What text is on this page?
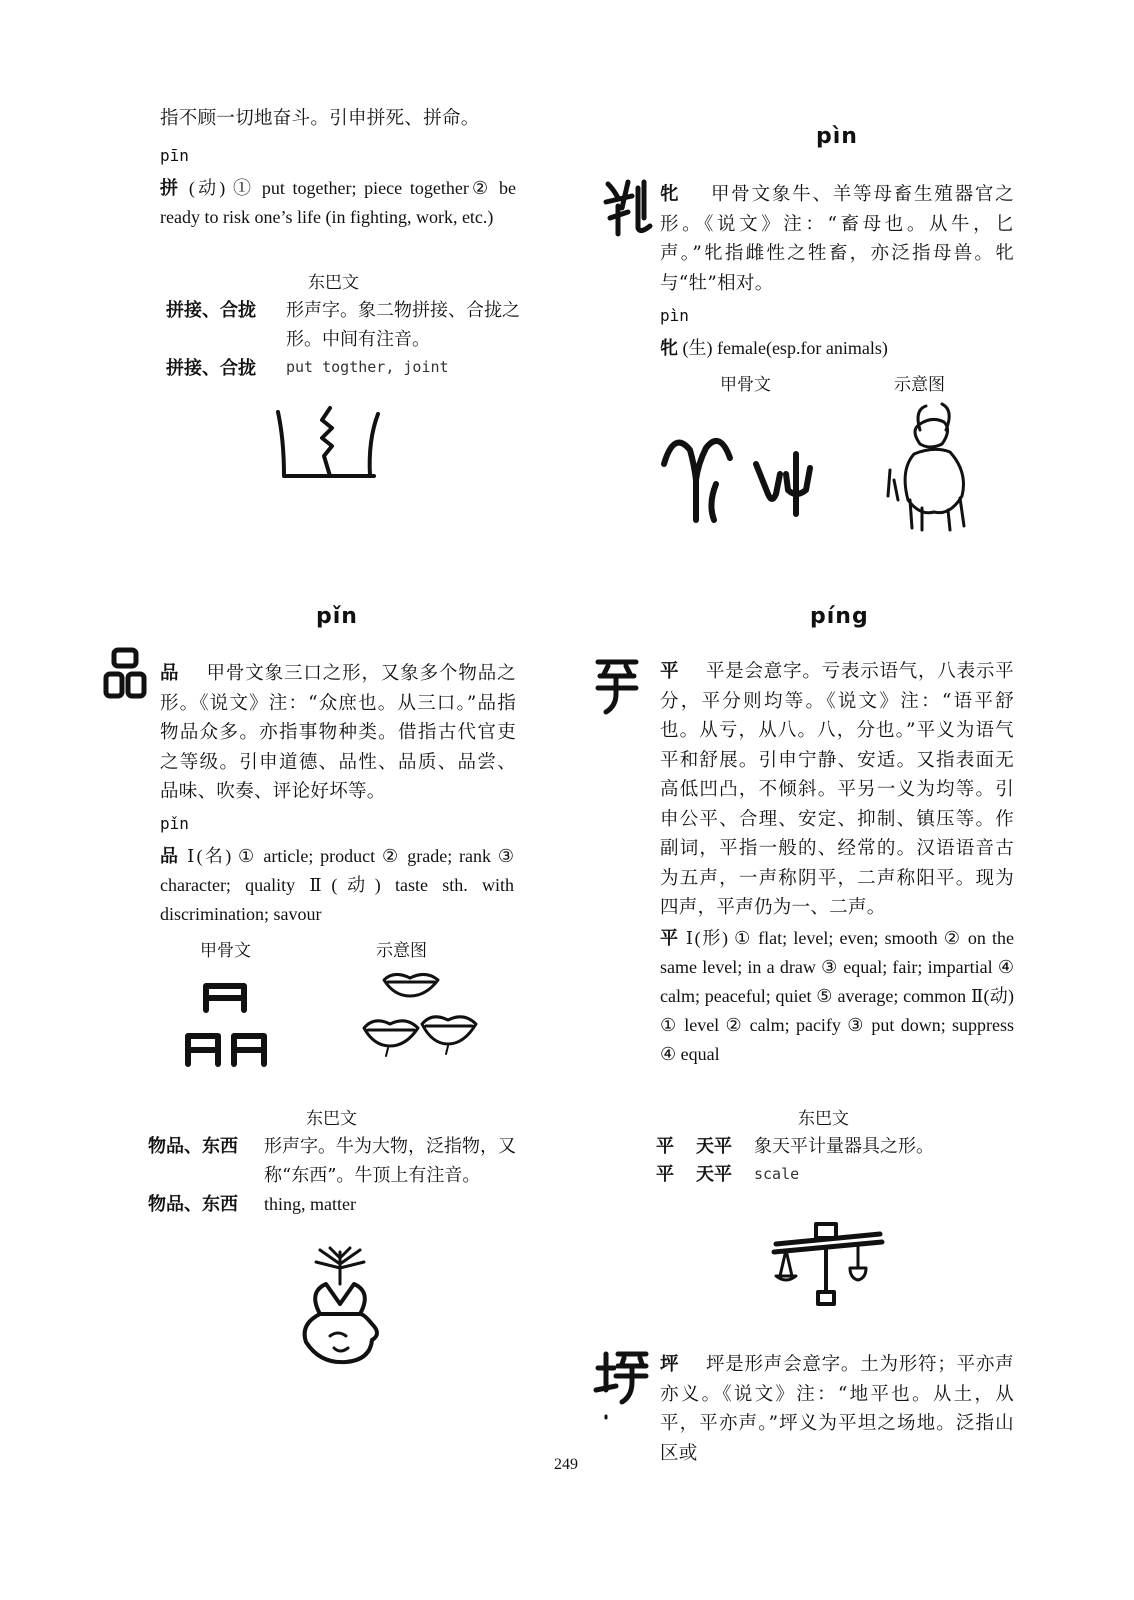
指不顾一切地奋斗。引申拼死、拼命。
pīn
拼 (动) ① put together; piece together② be ready to risk one’s life (in fighting, work, etc.)
东巴文
拼接、合拢 形声字。象二物拼接、合拢之形。中间有注音。
拼接、合拢 put togther, joint
pǐn
品 甲骨文象三口之形，又象多个物品之形。《说文》注：“众庶也。从三口。”品指物品众多。亦指事物种类。借指古代官吏之等级。引申道德、品性、品质、品尝、品味、吹奏、评论好坏等。
pǐn
品 Ⅰ(名) ① article; product ② grade; rank ③ character; quality Ⅱ(动) taste sth. with discrimination; savour
甲骨文	示意图
东巴文
物品、东西 形声字。牛为大物，泛指物，又称“东西”。牛顶上有注音。
物品、东西 thing, matter
pìn
牝 甲骨文象牛、羊等母畜生殖器官之形。《说文》注：“畜母也。从牛，匕声。”牝指雌性之牲畜，亦泛指母兽。牝与“牡”相对。
pìn
牝 (生) female(esp.for animals)
甲骨文	示意图
píng
平 平是会意字。亏表示语气，八表示平分，平分则均等。《说文》注：“语平舒也。从亏，从八。八，分也。”平义为语气平和舒展。引申宁静、安适。又指表面无高低凹凸，不倾斜。平另一义为均等。引申公平、合理、安定、抑制、镇压等。作副词，平指一般的、经常的。汉语语音古为五声，一声称阴平，二声称阳平。现为四声，平声仍为一、二声。
平 Ⅰ(形) ① flat; level; even; smooth ② on the same level; in a draw ③ equal; fair; impartial ④ calm; peaceful; quiet ⑤ average; common Ⅱ(动) ① level ② calm; pacify ③ put down; suppress ④ equal
东巴文
平 天平 象天平计量器具之形。
平 天平 scale
坪 坪是形声会意字。土为形符；平亦声亦义。《说文》注：“地平也。从土，从平，平亦声。”坪义为平坦之场地。泛指山区或
249
